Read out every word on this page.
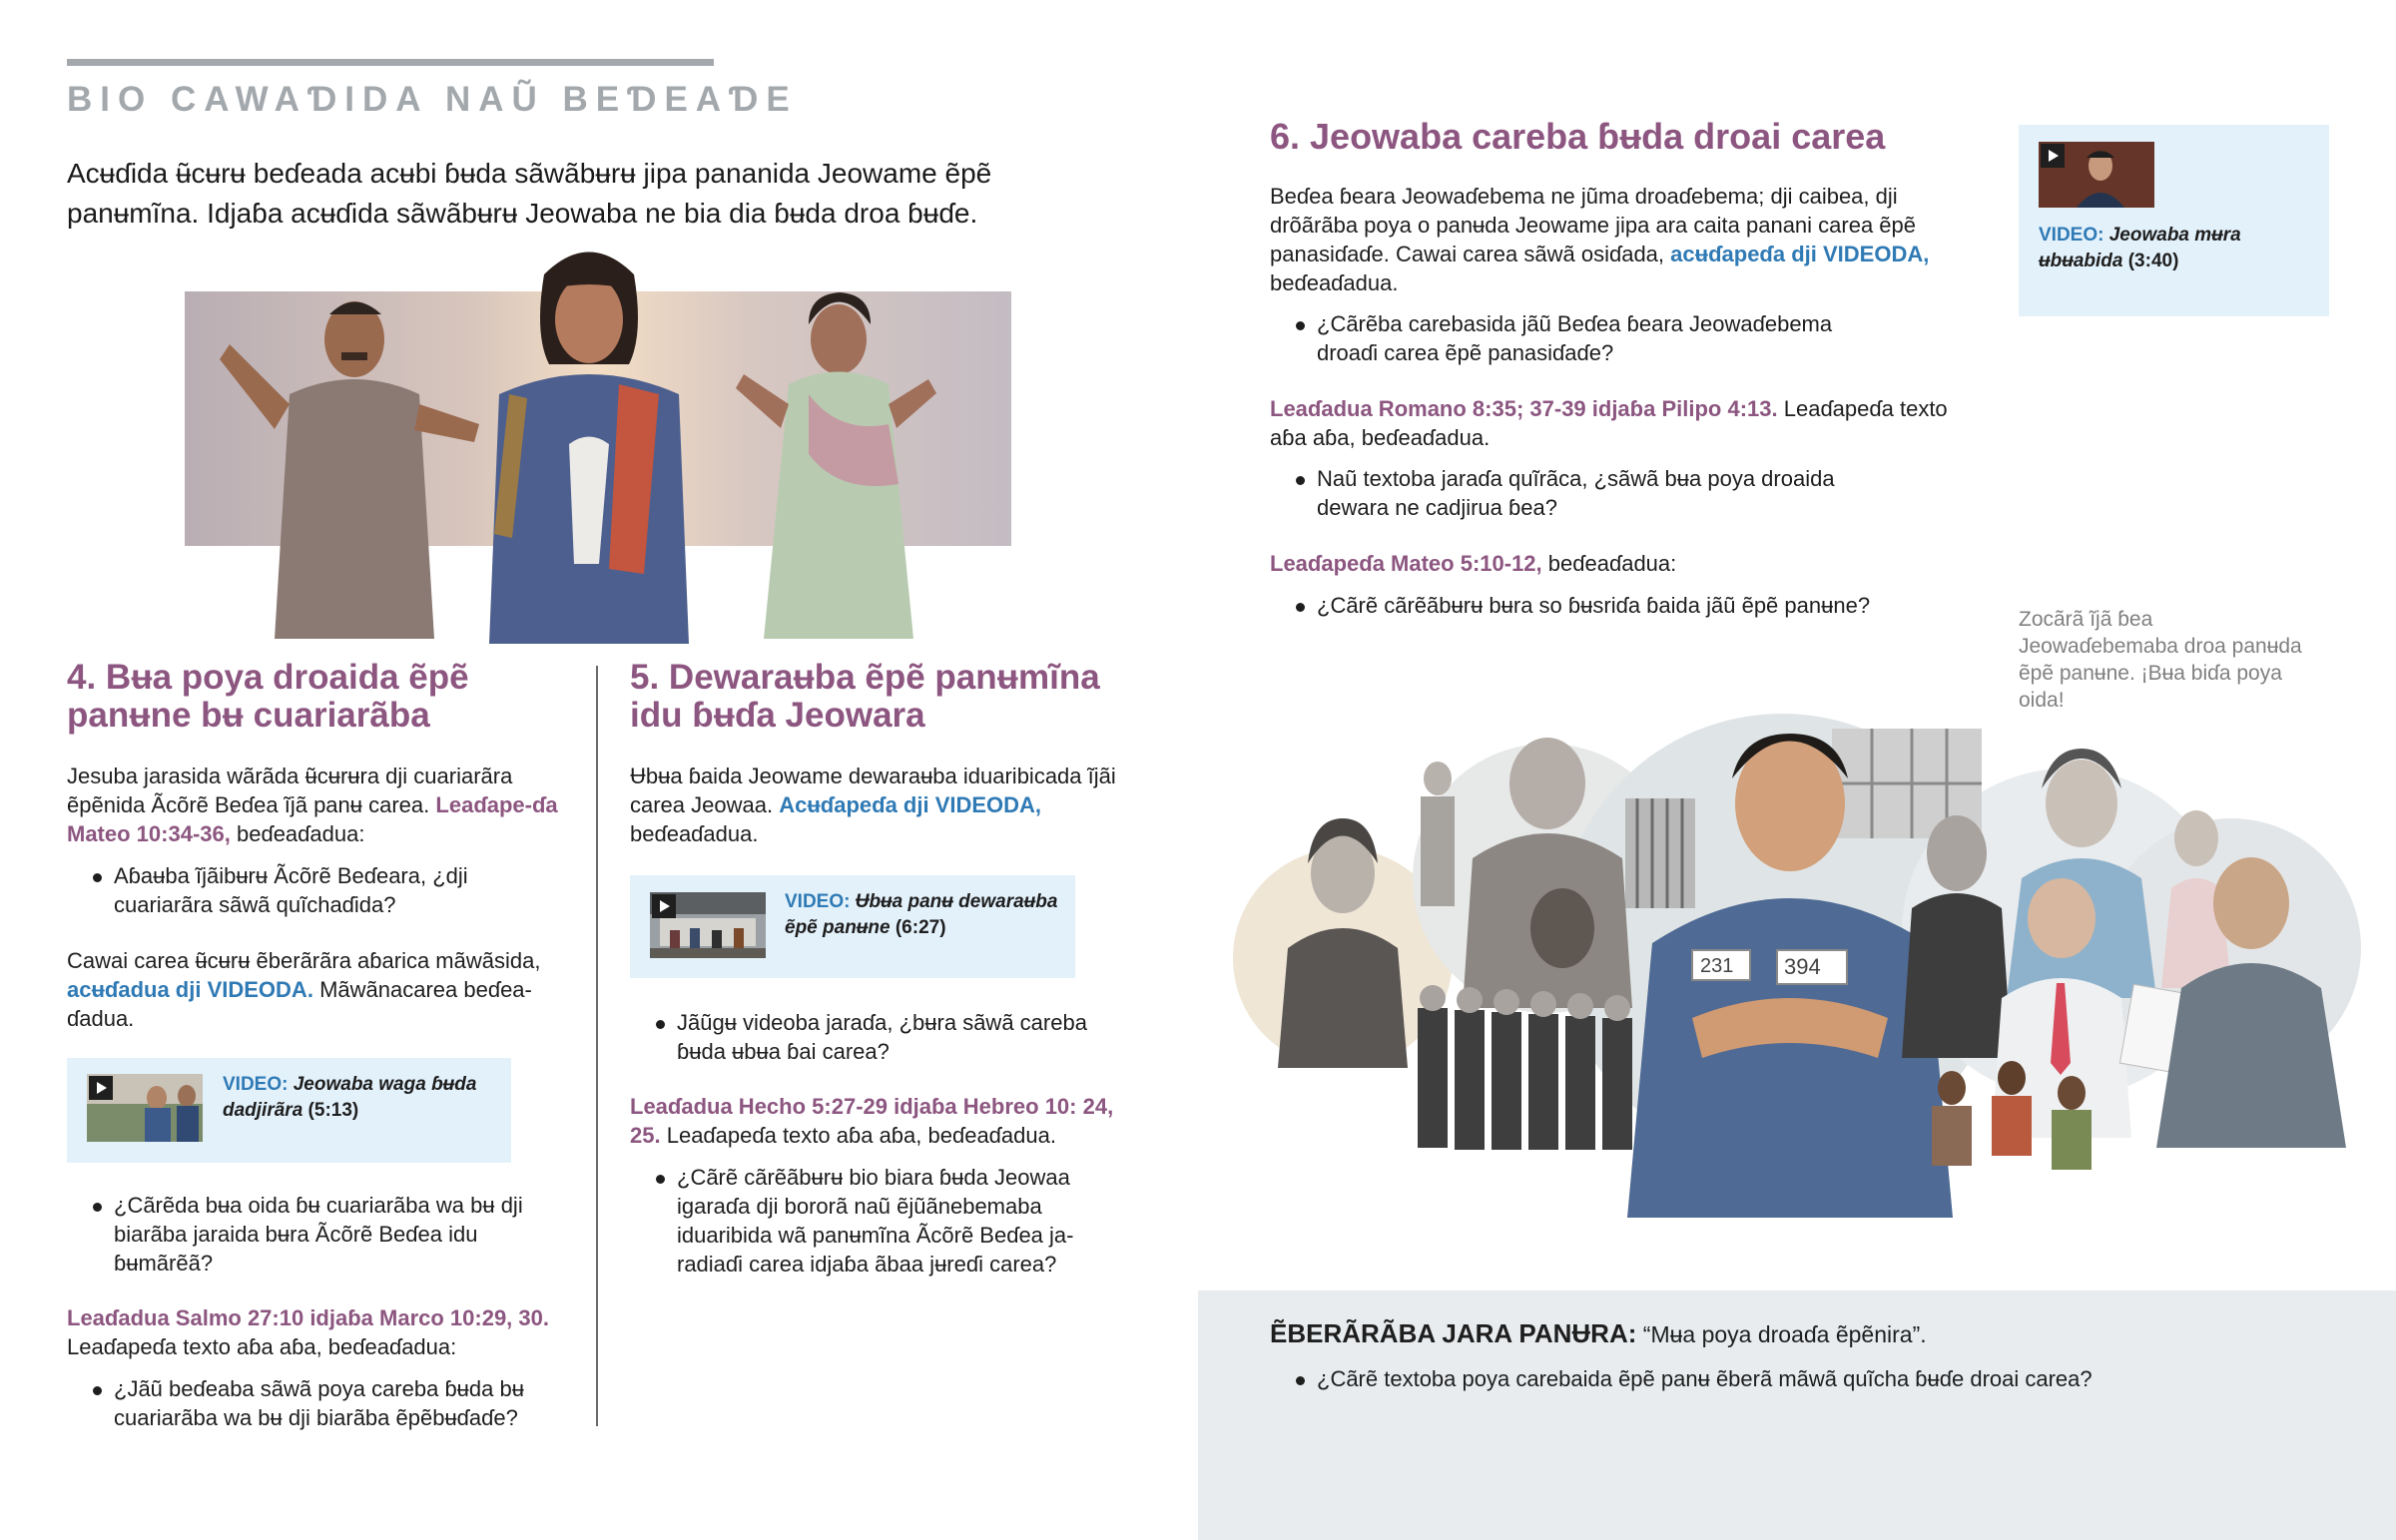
BIO CAWAƊIDA NAŨ BEƊEAƊE
Acʉɗida ʉ̃cʉrʉ beɗeada acʉbi ɓʉda sãwãbʉrʉ jipa pananida Jeowame ẽpẽ panʉmĩna. Idjaɓa acʉɗida sãwãbʉrʉ Jeowaba ne bia dia ɓʉda droa ɓʉɗe.
4. Bʉa poya droaida ẽpẽ
panʉne bʉ cuariarãba
Jesuba jarasida wãrãda ʉ̃cʉrʉra dji cuariarãra ẽpẽnida Ãcõrẽ Beɗea ĩjã panʉ carea. Leaɗape-ɗa Mateo 10:34-36, beɗeaɗadua:
Aɓaʉba ĩjãibʉrʉ Ãcõrẽ Beɗeara, ¿dji cuariarãra sãwã quĩchaɗida?
Cawai carea ʉ̃cʉrʉ ẽberãrãra aɓarica mãwãsida, acʉɗadua dji VIDEODA. Mãwãnacarea beɗea-ɗadua.
VIDEO: Jeowaba waga ɓʉda dadjirãra (5:13)
¿Cãrẽda bʉa oida ɓʉ cuariarãba wa bʉ dji biarãba jaraida bʉra Ãcõrẽ Beɗea idu ɓʉmãrẽã?
Leaɗadua Salmo 27:10 idjaɓa Marco 10:29, 30. Leaɗapeɗa texto aɓa aɓa, beɗeaɗadua:
¿Jãũ beɗeaba sãwã poya careba ɓʉda bʉ cuariarãba wa bʉ dji biarãba ẽpẽbʉɗaɗe?
5. Dewaraʉba ẽpẽ panʉmĩna
idu ɓʉɗa Jeowara
Ʉbʉa ɓaida Jeowame dewaraʉba iduaribicada ĩjãi carea Jeowaa. Acʉɗapeɗa dji VIDEODA, beɗeaɗadua.
VIDEO: Ʉbʉa panʉ dewaraʉba ẽpẽ panʉne (6:27)
Jãũgʉ videoba jaraɗa, ¿bʉra sãwã careba ɓʉda ʉbʉa ɓai carea?
Leaɗadua Hecho 5:27-29 idjaɓa Hebreo 10: 24, 25. Leaɗapeɗa texto aɓa aɓa, beɗeaɗadua.
¿Cãrẽ cãrẽãbʉrʉ bio biara ɓʉda Jeowaa igaraɗa dji bororã naũ ẽjũãnebemaba iduaribida wã panʉmĩna Ãcõrẽ Beɗea ja-radiaɗi carea idjaɓa ãbaa jʉreɗi carea?
6. Jeowaba careba ɓʉda droai carea
Beɗea ɓeara Jeowaɗebema ne jũma droaɗebema; dji caibea, dji drõãrãba poya o panʉda Jeowame jipa ara caita panani carea ẽpẽ panasiɗaɗe. Cawai carea sãwã osiɗada, acʉɗapeɗa dji VIDEODA, beɗeaɗadua.
¿Cãrẽba carebasida jãũ Beɗea ɓeara Jeowaɗebema droaɗi carea ẽpẽ panasiɗaɗe?
Leaɗadua Romano 8:35; 37-39 idjaɓa Pilipo 4:13. Leaɗapeɗa texto aɓa aɓa, beɗeaɗadua.
Naũ textoba jaraɗa quĩrãca, ¿sãwã bʉa poya droaida dewara ne cadjirua ɓea?
Leaɗapeɗa Mateo 5:10-12, beɗeaɗadua:
¿Cãrẽ cãrẽãbʉrʉ bʉra so ɓʉsriɗa ɓaida jãũ ẽpẽ panʉne?
VIDEO: Jeowaba mʉra ʉbʉabida (3:40)
Zocãrã ĩjã ɓea Jeowaɗebemaba droa panʉda ẽpẽ panʉne. ¡Bʉa biɗa poya oida!
231 394
ẼBERÃRÃBA JARA PANɄRA: “Mʉa poya droaɗa ẽpẽnira”.
¿Cãrẽ textoba poya carebaida ẽpẽ panʉ ẽberã mãwã quĩcha ɓʉɗe droai carea?
